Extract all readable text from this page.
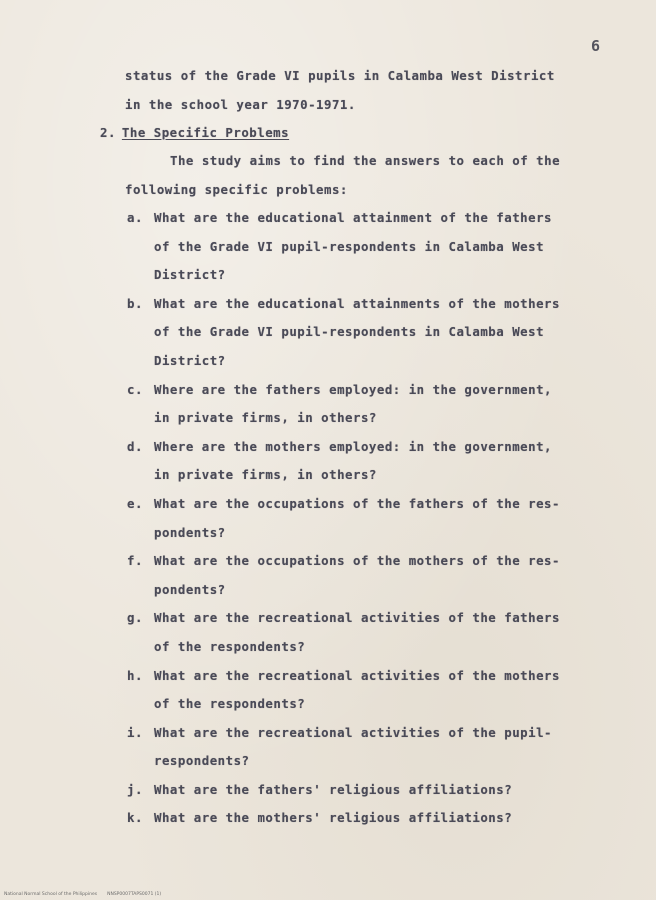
6
status of the Grade VI pupils in Calamba West District
in the school year 1970-1971.
2. The Specific Problems
The study aims to find the answers to each of the
following specific problems:
a. What are the educational attainment of the fathers
of the Grade VI pupil-respondents in Calamba West
District?
b. What are the educational attainments of the mothers
of the Grade VI pupil-respondents in Calamba West
District?
c. Where are the fathers employed: in the government,
in private firms, in others?
d. Where are the mothers employed: in the government,
in private firms, in others?
e. What are the occupations of the fathers of the res-
pondents?
f. What are the occupations of the mothers of the res-
pondents?
g. What are the recreational activities of the fathers
of the respondents?
h. What are the recreational activities of the mothers
of the respondents?
i. What are the recreational activities of the pupil-
respondents?
j. What are the fathers' religious affiliations?
k. What are the mothers' religious affiliations?
National Normal School of the Philippines NNSP0007TAPS0071 (1)
